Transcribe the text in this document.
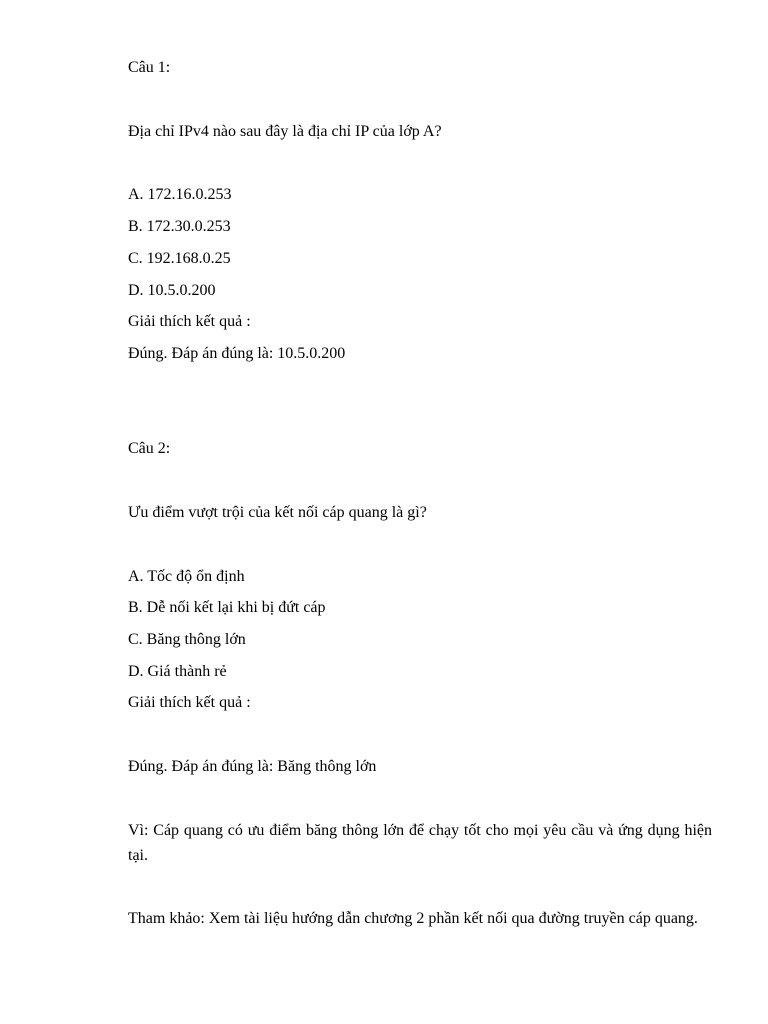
Câu 1:
Địa chỉ IPv4 nào sau đây là địa chỉ IP của lớp A?
A. 172.16.0.253
B. 172.30.0.253
C. 192.168.0.25
D. 10.5.0.200
Giải thích kết quả :
Đúng. Đáp án đúng là: 10.5.0.200
Câu 2:
Ưu điểm vượt trội của kết nối cáp quang là gì?
A. Tốc độ ổn định
B. Dễ nối kết lại khi bị đứt cáp
C. Băng thông lớn
D. Giá thành rẻ
Giải thích kết quả :
Đúng. Đáp án đúng là: Băng thông lớn
Vì: Cáp quang có ưu điểm băng thông lớn để chạy tốt cho mọi yêu cầu và ứng dụng hiện tại.
Tham khảo: Xem tài liệu hướng dẫn chương 2 phần kết nối qua đường truyền cáp quang.
